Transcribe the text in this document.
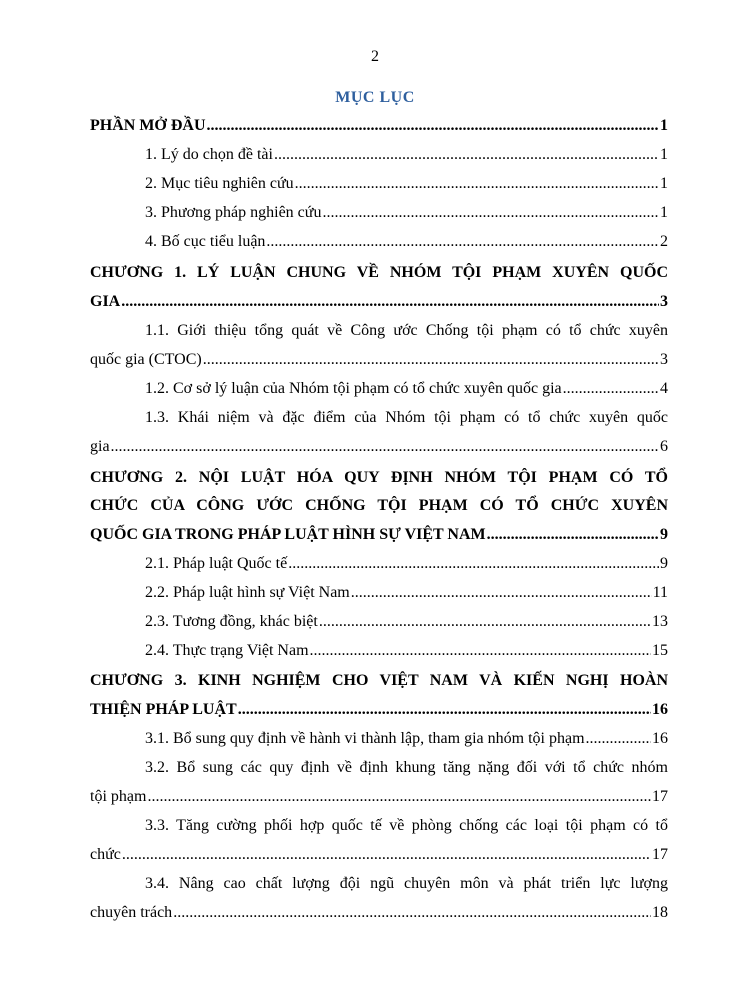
2
MỤC LỤC
PHẦN MỞ ĐẦU .....	1
1. Lý do chọn đề tài .....	1
2. Mục tiêu nghiên cứu .....	1
3. Phương pháp nghiên cứu .....	1
4. Bố cục tiểu luận .....	2
CHƯƠNG 1. LÝ LUẬN CHUNG VỀ NHÓM TỘI PHẠM XUYÊN QUỐC
GIA .....	3
1.1. Giới thiệu tổng quát về Công ước Chống tội phạm có tổ chức xuyên
quốc gia (CTOC) .....	3
1.2. Cơ sở lý luận của Nhóm tội phạm có tổ chức xuyên quốc gia .....	4
1.3. Khái niệm và đặc điểm của Nhóm tội phạm có tổ chức xuyên quốc
gia .....	6
CHƯƠNG 2. NỘI LUẬT HÓA QUY ĐỊNH NHÓM TỘI PHẠM CÓ TỔ
CHỨC CỦA CÔNG ƯỚC CHỐNG TỘI PHẠM CÓ TỔ CHỨC XUYÊN
QUỐC GIA TRONG PHÁP LUẬT HÌNH SỰ VIỆT NAM .....	9
2.1. Pháp luật Quốc tế .....	9
2.2. Pháp luật hình sự Việt Nam .....	11
2.3. Tương đồng, khác biệt .....	13
2.4. Thực trạng Việt Nam .....	15
CHƯƠNG 3. KINH NGHIỆM CHO VIỆT NAM VÀ KIẾN NGHỊ HOÀN
THIỆN PHÁP LUẬT .....	16
3.1. Bổ sung quy định về hành vi thành lập, tham gia nhóm tội phạm .....	16
3.2. Bổ sung các quy định về định khung tăng nặng đối với tổ chức nhóm
tội phạm .....	17
3.3. Tăng cường phối hợp quốc tế về phòng chống các loại tội phạm có tổ
chức .....	17
3.4. Nâng cao chất lượng đội ngũ chuyên môn và phát triển lực lượng
chuyên trách .....	18
